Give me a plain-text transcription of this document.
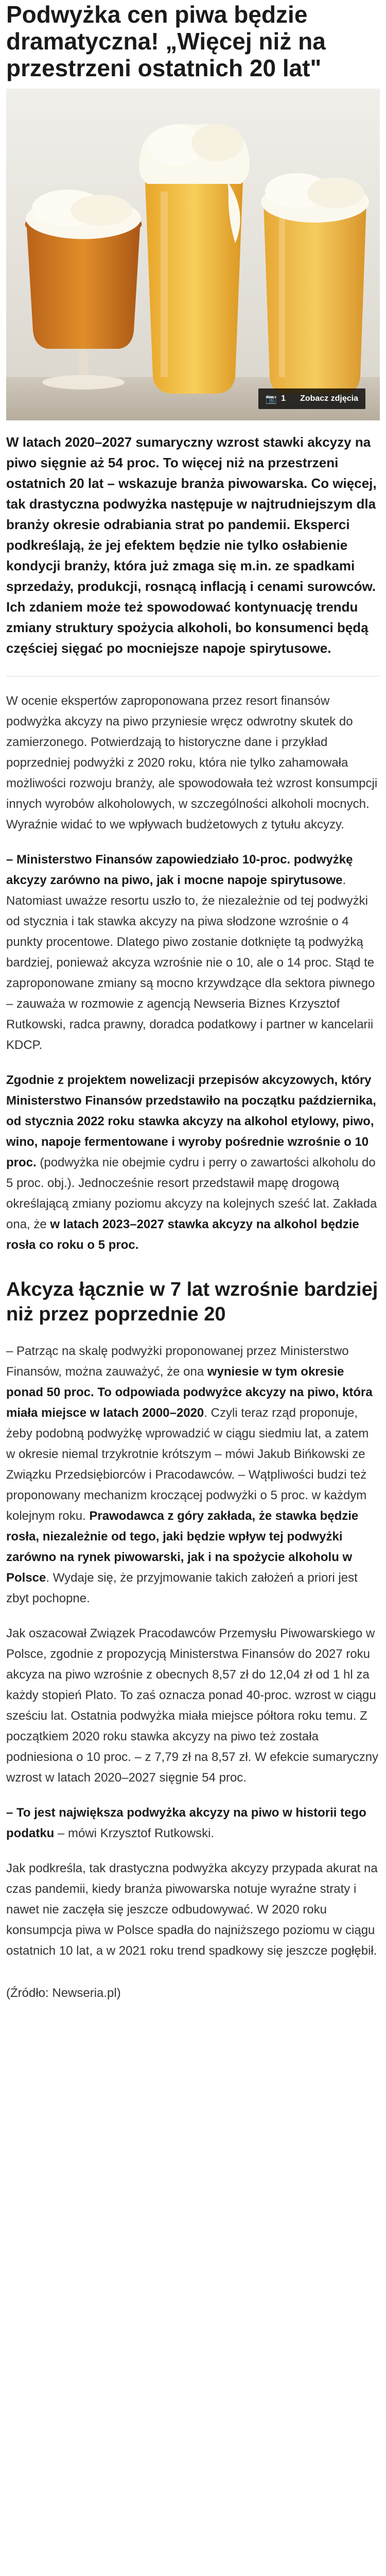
Podwyżka cen piwa będzie dramatyczna! „Więcej niż na przestrzeni ostatnich 20 lat"
📷 1 Zobacz zdjęcia

W latach 2020–2027 sumaryczny wzrost stawki akcyzy na piwo sięgnie aż 54 proc. To więcej niż na przestrzeni ostatnich 20 lat – wskazuje branża piwowarska. Co więcej, tak drastyczna podwyżka następuje w najtrudniejszym dla branży okresie odrabiania strat po pandemii. Eksperci podkreślają, że jej efektem będzie nie tylko osłabienie kondycji branży, która już zmaga się m.in. ze spadkami sprzedaży, produkcji, rosnącą inflacją i cenami surowców. Ich zdaniem może też spowodować kontynuację trendu zmiany struktury spożycia alkoholi, bo konsumenci będą częściej sięgać po mocniejsze napoje spirytusowe.

W ocenie ekspertów zaproponowana przez resort finansów podwyżka akcyzy na piwo przyniesie wręcz odwrotny skutek do zamierzonego. Potwierdzają to historyczne dane i przykład poprzedniej podwyżki z 2020 roku, która nie tylko zahamowała możliwości rozwoju branży, ale spowodowała też wzrost konsumpcji innych wyrobów alkoholowych, w szczególności alkoholi mocnych. Wyraźnie widać to we wpływach budżetowych z tytułu akcyzy.

– Ministerstwo Finansów zapowiedziało 10-proc. podwyżkę akcyzy zarówno na piwo, jak i mocne napoje spirytusowe. Natomiast uważze resortu uszło to, że niezależnie od tej podwyżki od stycznia i tak stawka akcyzy na piwa słodzone wzrośnie o 4 punkty procentowe. Dlatego piwo zostanie dotknięte tą podwyżką bardziej, ponieważ akcyza wzrośnie nie o 10, ale o 14 proc. Stąd te zaproponowane zmiany są mocno krzywdzące dla sektora piwnego – zauważa w rozmowie z agencją Newseria Biznes Krzysztof Rutkowski, radca prawny, doradca podatkowy i partner w kancelarii KDCP.

Zgodnie z projektem nowelizacji przepisów akcyzowych, który Ministerstwo Finansów przedstawiło na początku października, od stycznia 2022 roku stawka akcyzy na alkohol etylowy, piwo, wino, napoje fermentowane i wyroby pośrednie wzrośnie o 10 proc. (podwyżka nie obejmie cydru i perry o zawartości alkoholu do 5 proc. obj.). Jednocześnie resort przedstawił mapę drogową określającą zmiany poziomu akcyzy na kolejnych sześć lat. Zakłada ona, że w latach 2023–2027 stawka akcyzy na alkohol będzie rosła co roku o 5 proc.

Akcyza łącznie w 7 lat wzrośnie bardziej niż przez poprzednie 20

– Patrząc na skalę podwyżki proponowanej przez Ministerstwo Finansów, można zauważyć, że ona wyniesie w tym okresie ponad 50 proc. To odpowiada podwyżce akcyzy na piwo, która miała miejsce w latach 2000–2020. Czyli teraz rząd proponuje, żeby podobną podwyżkę wprowadzić w ciągu siedmiu lat, a zatem w okresie niemal trzykrotnie krótszym – mówi Jakub Bińkowski ze Związku Przedsiębiorców i Pracodawców. – Wątpliwości budzi też proponowany mechanizm kroczącej podwyżki o 5 proc. w każdym kolejnym roku. Prawodawca z góry zakłada, że stawka będzie rosła, niezależnie od tego, jaki będzie wpływ tej podwyżki zarówno na rynek piwowarski, jak i na spożycie alkoholu w Polsce. Wydaje się, że przyjmowanie takich założeń a priori jest zbyt pochopne.

Jak oszacował Związek Pracodawców Przemysłu Piwowarskiego w Polsce, zgodnie z propozycją Ministerstwa Finansów do 2027 roku akcyza na piwo wzrośnie z obecnych 8,57 zł do 12,04 zł od 1 hl za każdy stopień Plato. To zaś oznacza ponad 40-proc. wzrost w ciągu sześciu lat. Ostatnia podwyżka miała miejsce półtora roku temu. Z początkiem 2020 roku stawka akcyzy na piwo też została podniesiona o 10 proc. – z 7,79 zł na 8,57 zł. W efekcie sumaryczny wzrost w latach 2020–2027 sięgnie 54 proc.

– To jest największa podwyżka akcyzy na piwo w historii tego podatku – mówi Krzysztof Rutkowski.

Jak podkreśla, tak drastyczna podwyżka akcyzy przypada akurat na czas pandemii, kiedy branża piwowarska notuje wyraźne straty i nawet nie zaczęła się jeszcze odbudowywać. W 2020 roku konsumpcja piwa w Polsce spadła do najniższego poziomu w ciągu ostatnich 10 lat, a w 2021 roku trend spadkowy się jeszcze pogłębił.

(Źródło: Newseria.pl)
